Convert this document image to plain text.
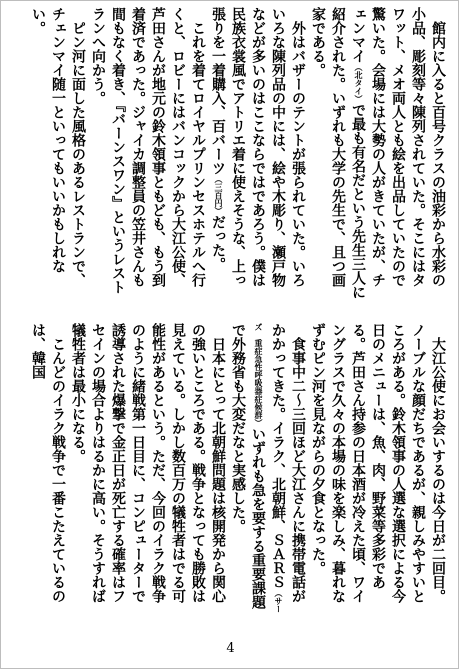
館内に入ると百号クラスの油彩から水彩の小品、彫刻等々陳列されていた。そこにはタワット、メオ両人とも絵を出品していたので驚いた。会場には大勢の人がきていたが、チェンマイ（北タイ）で最も有名だという先生三人に紹介された。いずれも大学の先生で、且つ画家である。

外はバザーのテントが張られていた。いろいろな陳列品の中には、絵や木彫り、瀬戸物などが多いのはここならではであろう。僕は民族衣裳風でアトリエ着に使えそうな、上っ張りを一着購入、百バーツ（三百円）だった。

これを着てロイヤルプリンセスホテルへ行くと、ロビーにはバンコックから大江公使、芦田さんが地元の鈴木領事ともども、もう到着済であった。ジャイカ調整員の笠井さんも間もなく着き、『バーンスワン』というレストランへ向かう。

ピン河に面した風格のあるレストランで、チェンマイ随一といってもいいかもしれない。

大江公使にお会いするのは今日が二回目。ノーブルな顔だちであるが、親しみやすいところがある。鈴木領事の人選な選択による今日のメニューは、魚、肉、野菜等多彩である。芦田さん持参の日本酒が冷えた頃、ワイングラスで久々の本場の味を楽しみ、暮れなずむピン河を見ながらの夕食となった。

食事中二〜三回ほど大江さんに携帯電話がかかってきた。イラク、北朝鮮、ＳＡＲＳ（サーズ　重症急性呼吸器症候群）いずれも急を要する重要課題で外務省も大変だなと実感した。

日本にとって北朝鮮問題は核開発から関心の強いところである。戦争となっても勝敗は見えている。しかし数百万の犠牲者はでる可能性があるという。ただ、今回のイラク戦争のように緒戦第一日目に、コンピューターで誘導された爆撃で金正日が死亡する確率はフセインの場合よりはるかに高い。そうすれば犠牲者は最小になる。

こんどのイラク戦争で一番こたえているのは、韓国

4
